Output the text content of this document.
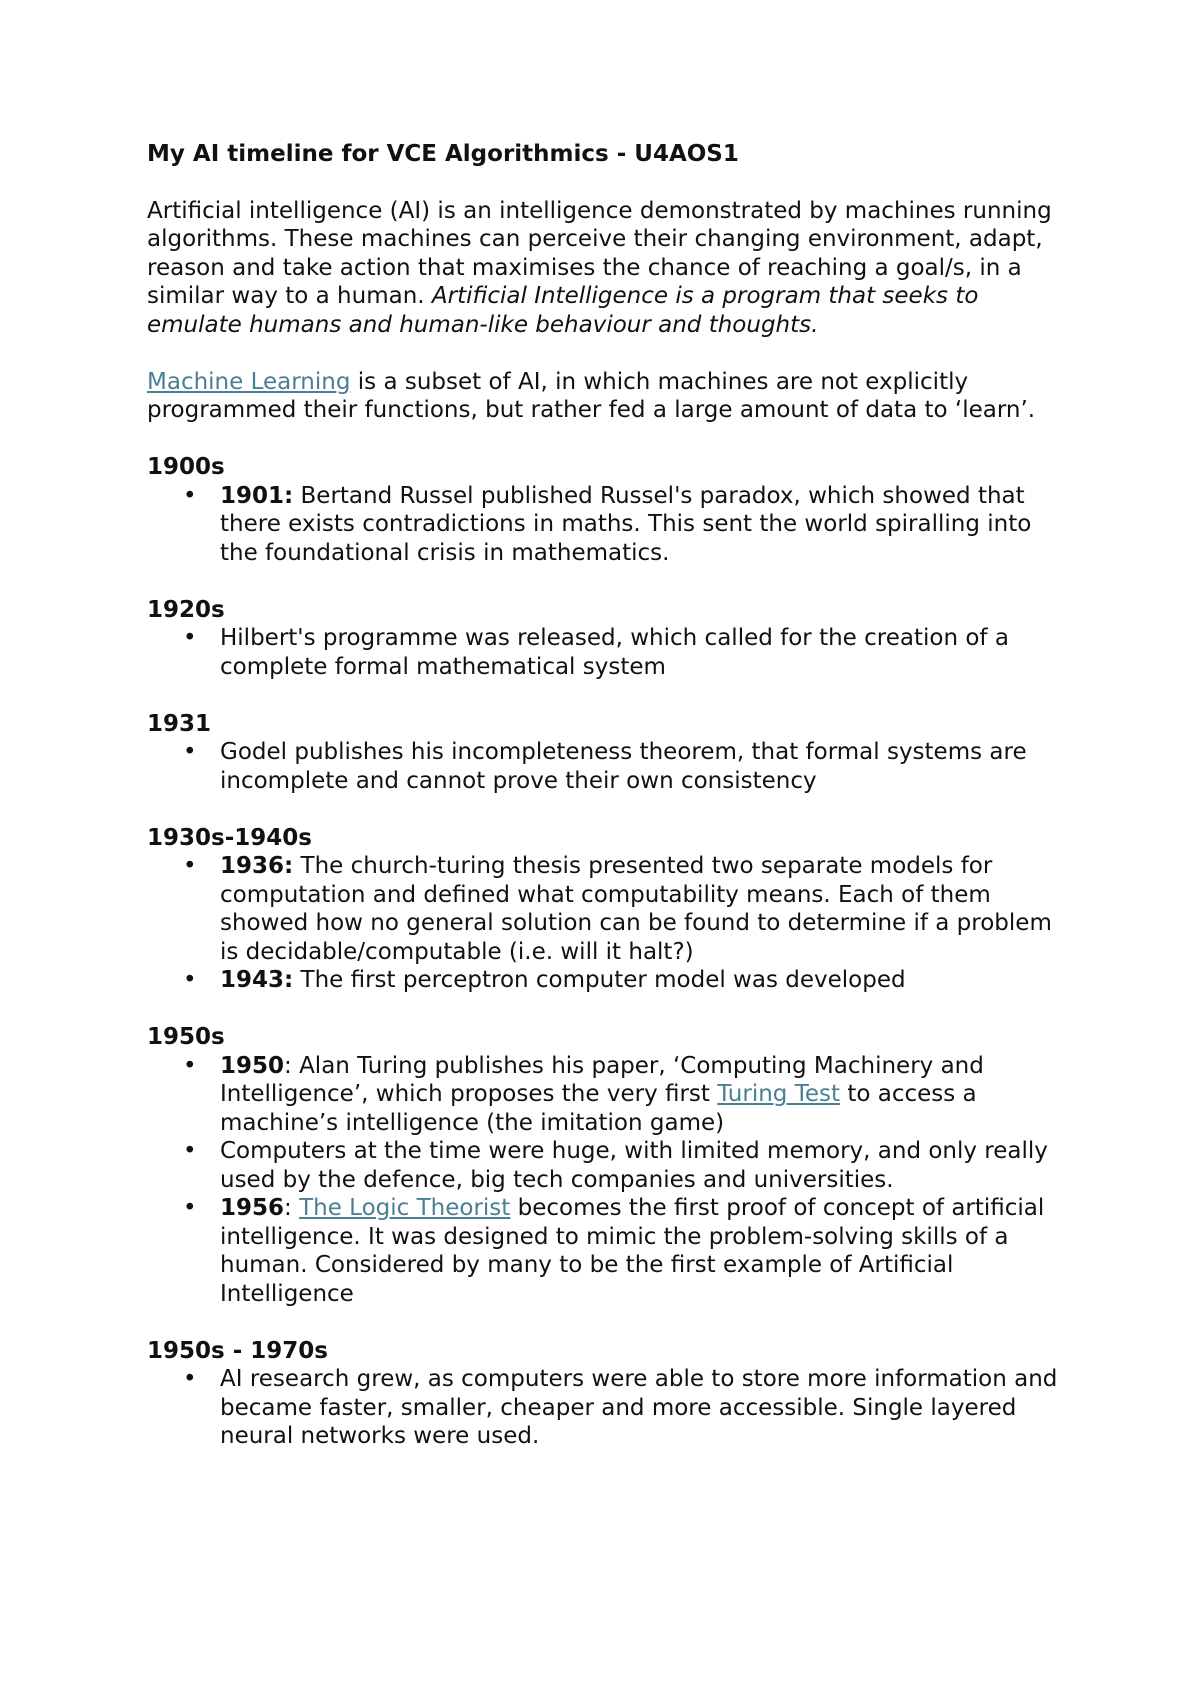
My AI timeline for VCE Algorithmics - U4AOS1

Artificial intelligence (AI) is an intelligence demonstrated by machines running algorithms. These machines can perceive their changing environment, adapt, reason and take action that maximises the chance of reaching a goal/s, in a similar way to a human. Artificial Intelligence is a program that seeks to emulate humans and human-like behaviour and thoughts.

Machine Learning is a subset of AI, in which machines are not explicitly programmed their functions, but rather fed a large amount of data to ‘learn’.

1900s
• 1901: Bertand Russel published Russel's paradox, which showed that there exists contradictions in maths. This sent the world spiralling into the foundational crisis in mathematics.
1920s
• Hilbert's programme was released, which called for the creation of a complete formal mathematical system
1931
• Godel publishes his incompleteness theorem, that formal systems are incomplete and cannot prove their own consistency
1930s-1940s
• 1936: The church-turing thesis presented two separate models for computation and defined what computability means. Each of them showed how no general solution can be found to determine if a problem is decidable/computable (i.e. will it halt?)
• 1943: The first perceptron computer model was developed
1950s
• 1950: Alan Turing publishes his paper, ‘Computing Machinery and Intelligence’, which proposes the very first Turing Test to access a machine’s intelligence (the imitation game)
• Computers at the time were huge, with limited memory, and only really used by the defence, big tech companies and universities.
• 1956: The Logic Theorist becomes the first proof of concept of artificial intelligence. It was designed to mimic the problem-solving skills of a human. Considered by many to be the first example of Artificial Intelligence
1950s - 1970s
• AI research grew, as computers were able to store more information and became faster, smaller, cheaper and more accessible. Single layered neural networks were used.
